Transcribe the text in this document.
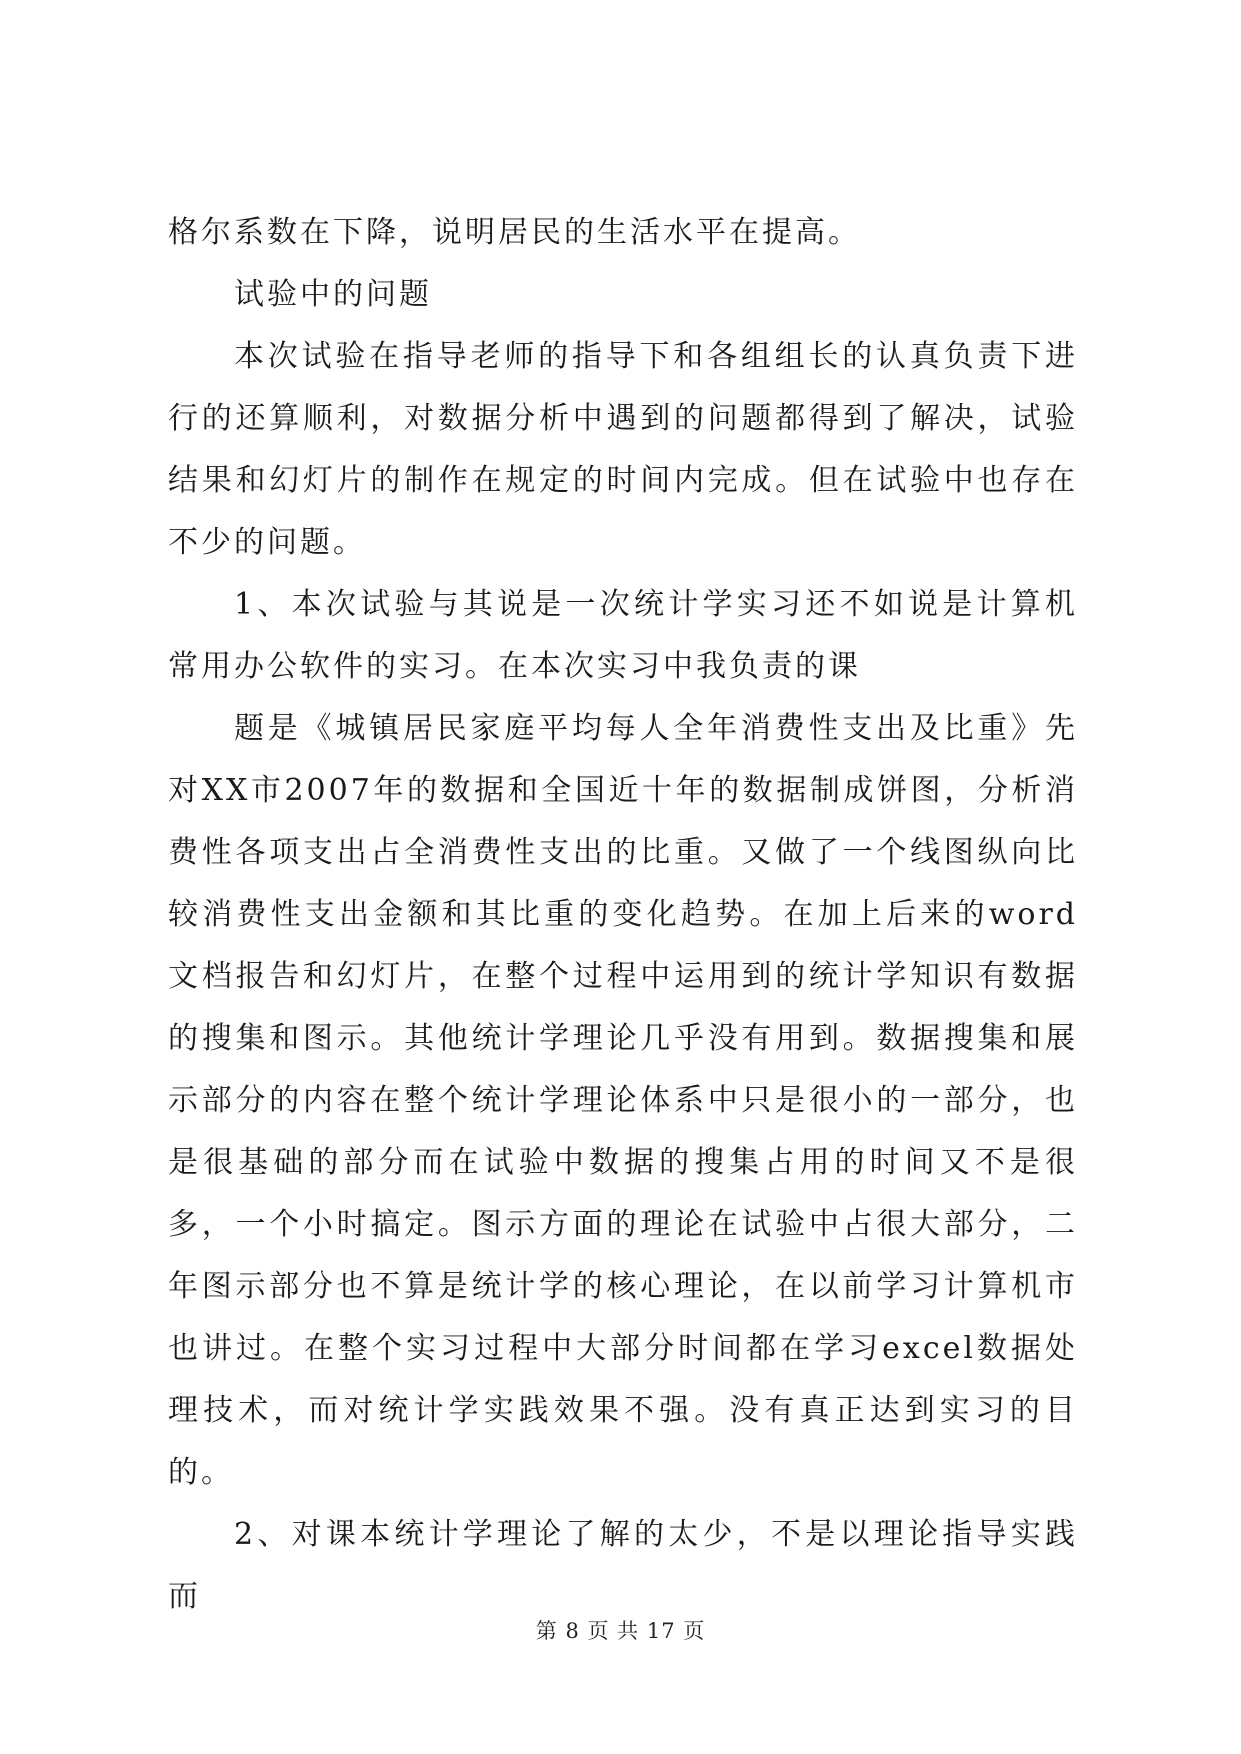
格尔系数在下降，说明居民的生活水平在提高。

试验中的问题

本次试验在指导老师的指导下和各组组长的认真负责下进行的还算顺利，对数据分析中遇到的问题都得到了解决，试验结果和幻灯片的制作在规定的时间内完成。但在试验中也存在不少的问题。

1、本次试验与其说是一次统计学实习还不如说是计算机常用办公软件的实习。在本次实习中我负责的课

题是《城镇居民家庭平均每人全年消费性支出及比重》先对XX市2007年的数据和全国近十年的数据制成饼图，分析消费性各项支出占全消费性支出的比重。又做了一个线图纵向比较消费性支出金额和其比重的变化趋势。在加上后来的word文档报告和幻灯片，在整个过程中运用到的统计学知识有数据的搜集和图示。其他统计学理论几乎没有用到。数据搜集和展示部分的内容在整个统计学理论体系中只是很小的一部分，也是很基础的部分而在试验中数据的搜集占用的时间又不是很多，一个小时搞定。图示方面的理论在试验中占很大部分，二年图示部分也不算是统计学的核心理论，在以前学习计算机市也讲过。在整个实习过程中大部分时间都在学习excel数据处理技术，而对统计学实践效果不强。没有真正达到实习的目的。

2、对课本统计学理论了解的太少，不是以理论指导实践而

第 8 页 共 17 页
